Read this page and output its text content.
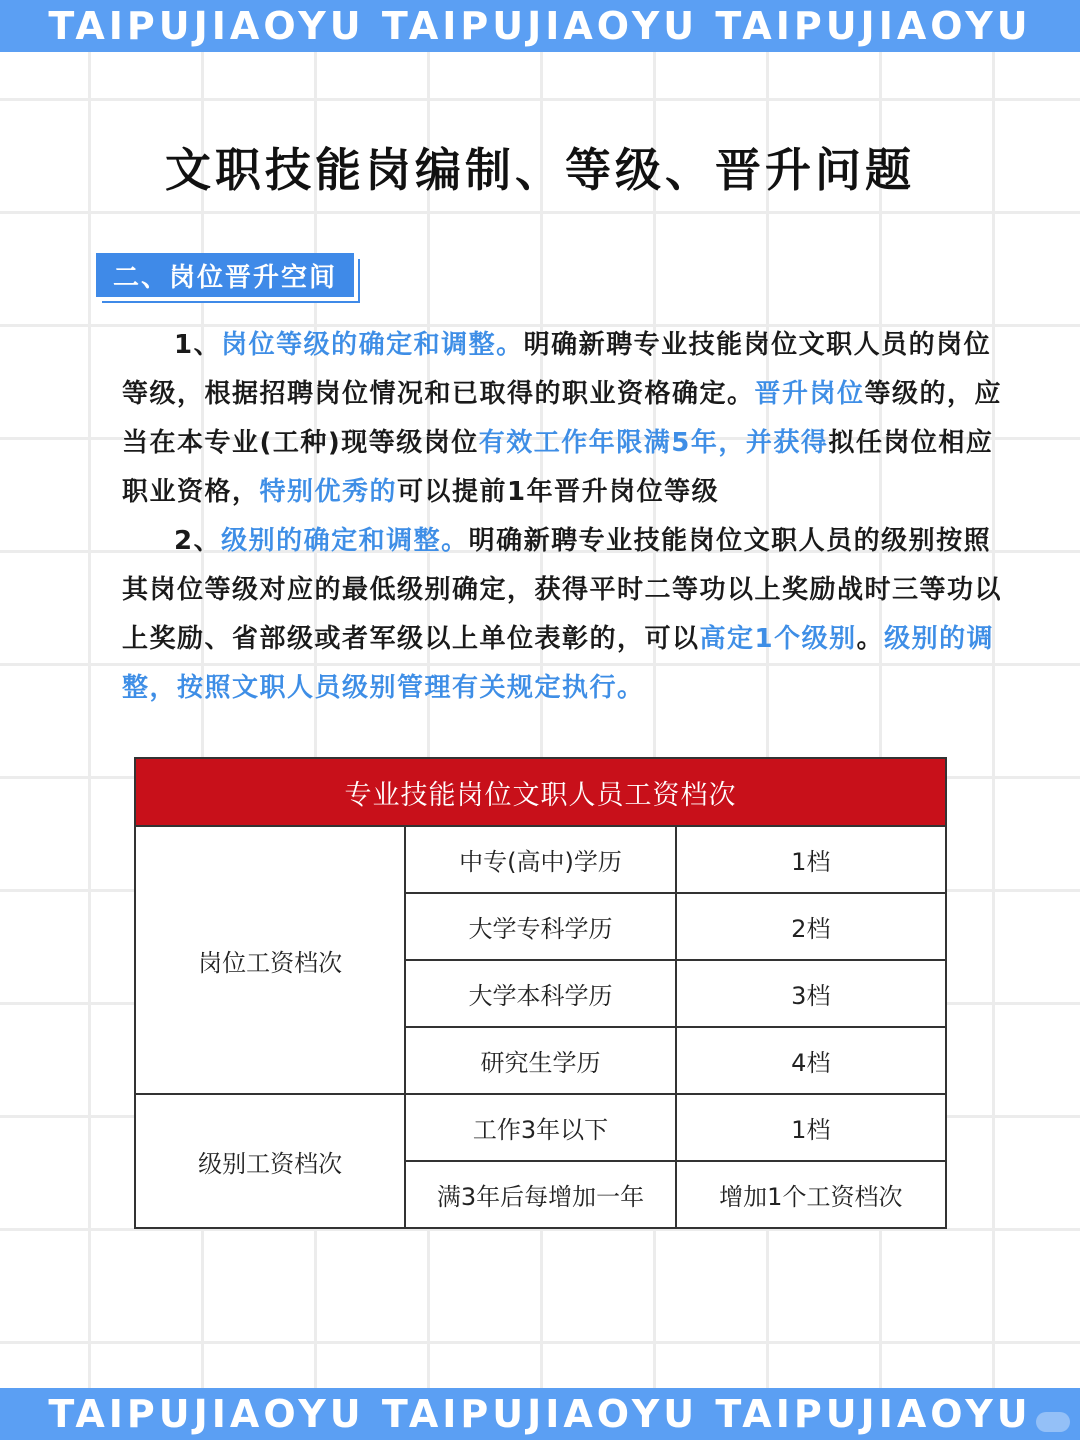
TAIPUJIAOYU TAIPUJIAOYU TAIPUJIAOYU
文职技能岗编制、等级、晋升问题
二、岗位晋升空间

1、岗位等级的确定和调整。明确新聘专业技能岗位文职人员的岗位等级，根据招聘岗位情况和已取得的职业资格确定。晋升岗位等级的，应当在本专业(工种)现等级岗位有效工作年限满5年，并获得拟任岗位相应职业资格，特别优秀的可以提前1年晋升岗位等级

2、级别的确定和调整。明确新聘专业技能岗位文职人员的级别按照其岗位等级对应的最低级别确定，获得平时二等功以上奖励战时三等功以上奖励、省部级或者军级以上单位表彰的，可以高定1个级别。级别的调整，按照文职人员级别管理有关规定执行。

专业技能岗位文职人员工资档次		
岗位工资档次	中专(高中)学历	1档
	大学专科学历	2档
	大学本科学历	3档
	研究生学历	4档
级别工资档次	工作3年以下	1档
	满3年后每增加一年	增加1个工资档次
TAIPUJIAOYU TAIPUJIAOYU TAIPUJIAOYU
